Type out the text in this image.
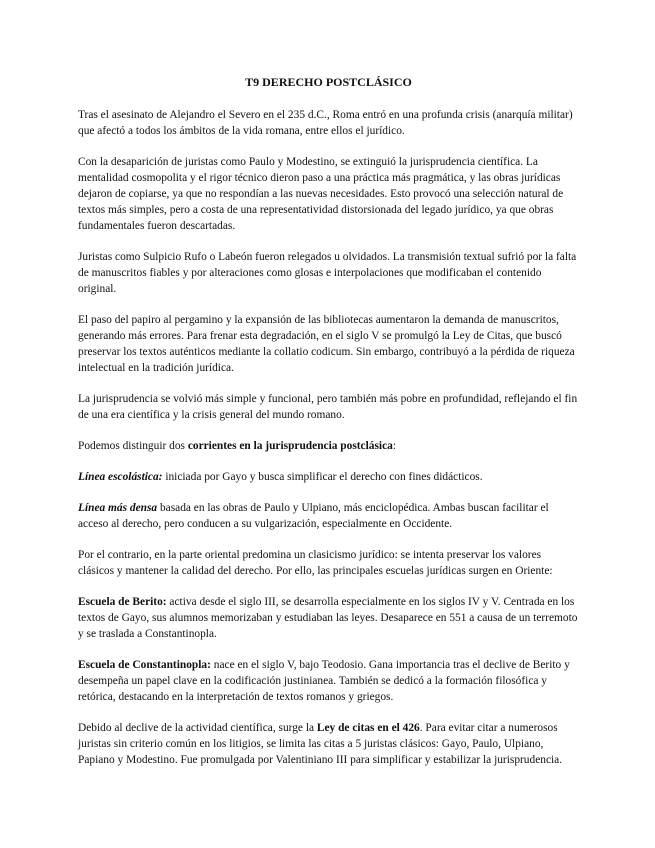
T9 DERECHO POSTCLÁSICO

Tras el asesinato de Alejandro el Severo en el 235 d.C., Roma entró en una profunda crisis (anarquía militar) que afectó a todos los ámbitos de la vida romana, entre ellos el jurídico.

Con la desaparición de juristas como Paulo y Modestino, se extinguió la jurisprudencia científica. La mentalidad cosmopolita y el rigor técnico dieron paso a una práctica más pragmática, y las obras jurídicas dejaron de copiarse, ya que no respondían a las nuevas necesidades. Esto provocó una selección natural de textos más simples, pero a costa de una representatividad distorsionada del legado jurídico, ya que obras fundamentales fueron descartadas.

Juristas como Sulpicio Rufo o Labeón fueron relegados u olvidados. La transmisión textual sufrió por la falta de manuscritos fiables y por alteraciones como glosas e interpolaciones que modificaban el contenido original.

El paso del papiro al pergamino y la expansión de las bibliotecas aumentaron la demanda de manuscritos, generando más errores. Para frenar esta degradación, en el siglo V se promulgó la Ley de Citas, que buscó preservar los textos auténticos mediante la collatio codicum. Sin embargo, contribuyó a la pérdida de riqueza intelectual en la tradición jurídica.

La jurisprudencia se volvió más simple y funcional, pero también más pobre en profundidad, reflejando el fin de una era científica y la crisis general del mundo romano.

Podemos distinguir dos corrientes en la jurisprudencia postclásica:

Línea escolástica: iniciada por Gayo y busca simplificar el derecho con fines didácticos.

Línea más densa basada en las obras de Paulo y Ulpiano, más enciclopédica. Ambas buscan facilitar el acceso al derecho, pero conducen a su vulgarización, especialmente en Occidente.

Por el contrario, en la parte oriental predomina un clasicismo jurídico: se intenta preservar los valores clásicos y mantener la calidad del derecho. Por ello, las principales escuelas jurídicas surgen en Oriente:

Escuela de Berito: activa desde el siglo III, se desarrolla especialmente en los siglos IV y V. Centrada en los textos de Gayo, sus alumnos memorizaban y estudiaban las leyes. Desaparece en 551 a causa de un terremoto y se traslada a Constantinopla.

Escuela de Constantinopla: nace en el siglo V, bajo Teodosio. Gana importancia tras el declive de Berito y desempeña un papel clave en la codificación justinianea. También se dedicó a la formación filosófica y retórica, destacando en la interpretación de textos romanos y griegos.

Debido al declive de la actividad científica, surge la Ley de citas en el 426. Para evitar citar a numerosos juristas sin criterio común en los litigios, se limita las citas a 5 juristas clásicos: Gayo, Paulo, Ulpiano, Papiano y Modestino. Fue promulgada por Valentiniano III para simplificar y estabilizar la jurisprudencia.
